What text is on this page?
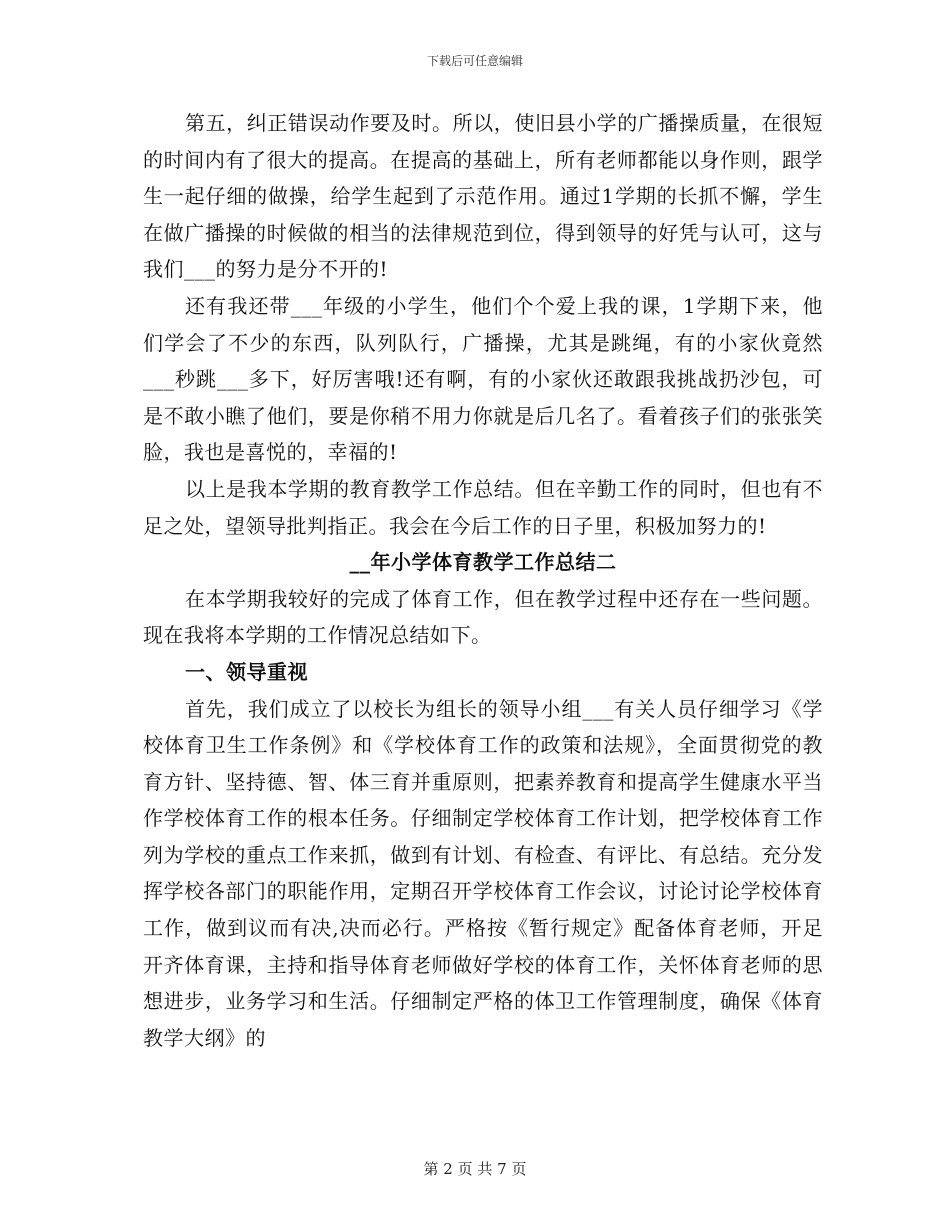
下载后可任意编辑

第五，纠正错误动作要及时。所以，使旧县小学的广播操质量，在很短的时间内有了很大的提高。在提高的基础上，所有老师都能以身作则，跟学生一起仔细的做操，给学生起到了示范作用。通过1学期的长抓不懈，学生在做广播操的时候做的相当的法律规范到位，得到领导的好凭与认可，这与我们___的努力是分不开的!

还有我还带___年级的小学生，他们个个爱上我的课，1学期下来，他们学会了不少的东西，队列队行，广播操，尤其是跳绳，有的小家伙竟然___秒跳___多下，好厉害哦!还有啊，有的小家伙还敢跟我挑战扔沙包，可是不敢小瞧了他们，要是你稍不用力你就是后几名了。看着孩子们的张张笑脸，我也是喜悦的，幸福的!

以上是我本学期的教育教学工作总结。但在辛勤工作的同时，但也有不足之处，望领导批判指正。我会在今后工作的日子里，积极加努力的!

__年小学体育教学工作总结二

在本学期我较好的完成了体育工作，但在教学过程中还存在一些问题。现在我将本学期的工作情况总结如下。

一、领导重视

首先，我们成立了以校长为组长的领导小组___有关人员仔细学习《学校体育卫生工作条例》和《学校体育工作的政策和法规》，全面贯彻党的教育方针、坚持德、智、体三育并重原则，把素养教育和提高学生健康水平当作学校体育工作的根本任务。仔细制定学校体育工作计划，把学校体育工作列为学校的重点工作来抓，做到有计划、有检查、有评比、有总结。充分发挥学校各部门的职能作用，定期召开学校体育工作会议，讨论讨论学校体育工作，做到议而有决,决而必行。严格按《暂行规定》配备体育老师，开足开齐体育课，主持和指导体育老师做好学校的体育工作，关怀体育老师的思想进步，业务学习和生活。仔细制定严格的体卫工作管理制度，确保《体育教学大纲》的

第 2 页 共 7 页
